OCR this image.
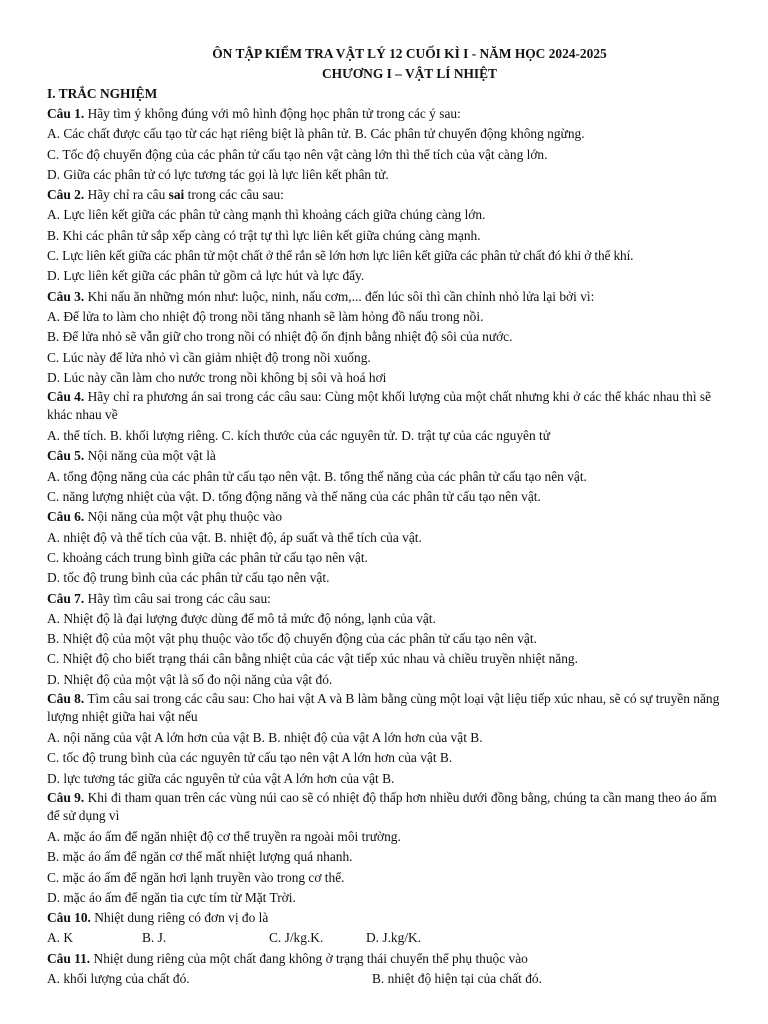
ÔN TẬP KIỂM TRA VẬT LÝ 12 CUỐI KÌ I - NĂM HỌC 2024-2025
CHƯƠNG I – VẬT LÍ NHIỆT
I. TRẮC NGHIỆM
Câu 1. Hãy tìm ý không đúng với mô hình động học phân tử trong các ý sau:
A. Các chất được cấu tạo từ các hạt riêng biệt là phân tử. B. Các phân tử chuyển động không ngừng.
C. Tốc độ chuyển động của các phân tử cấu tạo nên vật càng lớn thì thể tích của vật càng lớn.
D. Giữa các phân tử có lực tương tác gọi là lực liên kết phân tử.
Câu 2. Hãy chỉ ra câu sai trong các câu sau:
A. Lực liên kết giữa các phân tử càng mạnh thì khoảng cách giữa chúng càng lớn.
B. Khi các phân tử sắp xếp càng có trật tự thì lực liên kết giữa chúng càng mạnh.
C. Lực liên kết giữa các phân tử một chất ở thể rắn sẽ lớn hơn lực liên kết giữa các phân tử chất đó khi ở thể khí.
D. Lực liên kết giữa các phân tử gồm cả lực hút và lực đẩy.
Câu 3. Khi nấu ăn những món như: luộc, ninh, nấu cơm,... đến lúc sôi thì cần chỉnh nhỏ lửa lại bởi vì:
A. Để lửa to làm cho nhiệt độ trong nồi tăng nhanh sẽ làm hỏng đồ nấu trong nồi.
B. Để lửa nhỏ sẽ vẫn giữ cho trong nồi có nhiệt độ ổn định bằng nhiệt độ sôi của nước.
C. Lúc này để lửa nhỏ vì cần giảm nhiệt độ trong nồi xuống.
D. Lúc này cần làm cho nước trong nồi không bị sôi và hoá hơi
Câu 4. Hãy chỉ ra phương án sai trong các câu sau: Cùng một khối lượng của một chất nhưng khi ở các thể khác nhau thì sẽ khác nhau về
A. thể tích. B. khối lượng riêng. C. kích thước của các nguyên tử. D. trật tự của các nguyên tử
Câu 5. Nội năng của một vật là
A. tổng động năng của các phân tử cấu tạo nên vật. B. tổng thế năng của các phân tử cấu tạo nên vật.
C. năng lượng nhiệt của vật. D. tổng động năng và thế năng của các phân tử cấu tạo nên vật.
Câu 6. Nội năng của một vật phụ thuộc vào
A. nhiệt độ và thể tích của vật. B. nhiệt độ, áp suất và thể tích của vật.
C. khoảng cách trung bình giữa các phân tử cấu tạo nên vật.
D. tốc độ trung bình của các phân tử cấu tạo nên vật.
Câu 7. Hãy tìm câu sai trong các câu sau:
A. Nhiệt độ là đại lượng được dùng để mô tả mức độ nóng, lạnh của vật.
B. Nhiệt độ của một vật phụ thuộc vào tốc độ chuyển động của các phân tử cấu tạo nên vật.
C. Nhiệt độ cho biết trạng thái cân bằng nhiệt của các vật tiếp xúc nhau và chiều truyền nhiệt năng.
D. Nhiệt độ của một vật là số đo nội năng của vật đó.
Câu 8. Tìm câu sai trong các câu sau: Cho hai vật A và B làm bằng cùng một loại vật liệu tiếp xúc nhau, sẽ có sự truyền năng lượng nhiệt giữa hai vật nếu
A. nội năng của vật A lớn hơn của vật B. B. nhiệt độ của vật A lớn hơn của vật B.
C. tốc độ trung bình của các nguyên tử cấu tạo nên vật A lớn hơn của vật B.
D. lực tương tác giữa các nguyên tử của vật A lớn hơn của vật B.
Câu 9. Khi đi tham quan trên các vùng núi cao sẽ có nhiệt độ thấp hơn nhiều dưới đồng bằng, chúng ta cần mang theo áo ấm để sử dụng vì
A. mặc áo ấm để ngăn nhiệt độ cơ thể truyền ra ngoài môi trường.
B. mặc áo ấm để ngăn cơ thể mất nhiệt lượng quá nhanh.
C. mặc áo ấm để ngăn hơi lạnh truyền vào trong cơ thể.
D. mặc áo ấm để ngăn tia cực tím từ Mặt Trời.
Câu 10. Nhiệt dung riêng có đơn vị đo là
A. K	B. J.	C. J/kg.K.	D. J.kg/K.
Câu 11. Nhiệt dung riêng của một chất đang không ở trạng thái chuyển thể phụ thuộc vào
A. khối lượng của chất đó.	B. nhiệt độ hiện tại của chất đó.
